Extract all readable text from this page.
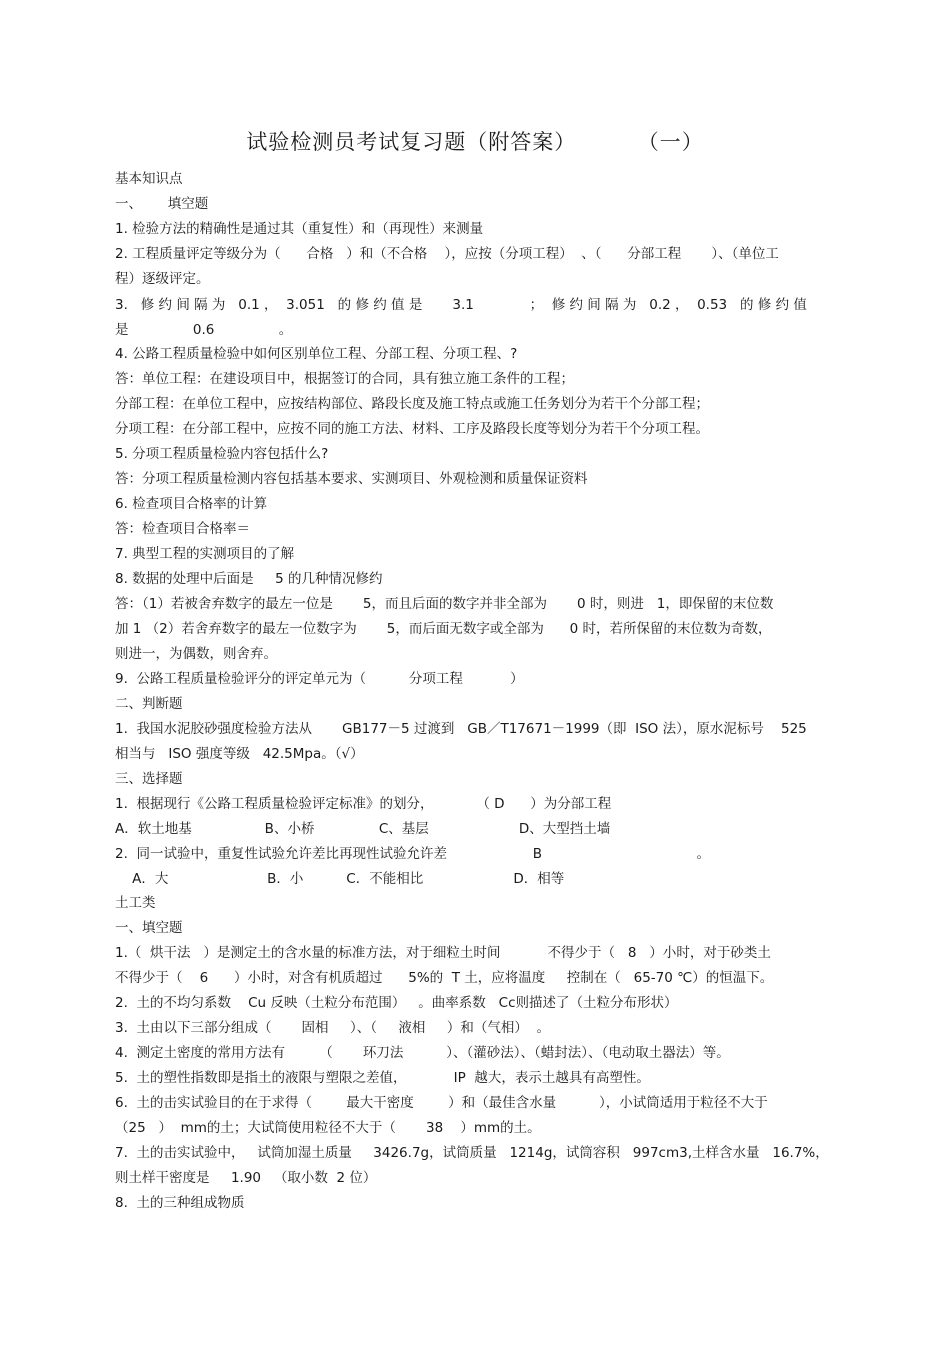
试验检测员考试复习题（附答案）        （一）
基本知识点
一、      填空题
1. 检验方法的精确性是通过其（重复性）和（再现性）来测量
2. 工程质量评定等级分为（      合格   ）和（不合格    ），应按（分项工程）  、（      分部工程       ）、（单位工
程）逐级评定。
3.   修 约 间 隔 为   0.1 ，  3.051   的 修 约 值 是       3.1             ；  修 约 间 隔 为   0.2 ，  0.53   的 修 约 值
是               0.6               。
4. 公路工程质量检验中如何区别单位工程、分部工程、分项工程、?
答：单位工程：在建设项目中，根据签订的合同，具有独立施工条件的工程；
分部工程：在单位工程中，应按结构部位、路段长度及施工特点或施工任务划分为若干个分部工程；
分项工程：在分部工程中，应按不同的施工方法、材料、工序及路段长度等划分为若干个分项工程。
5. 分项工程质量检验内容包括什么?
答：分项工程质量检测内容包括基本要求、实测项目、外观检测和质量保证资料
6. 检查项目合格率的计算
答：检查项目合格率＝
7. 典型工程的实测项目的了解
8. 数据的处理中后面是     5 的几种情况修约
答：（1）若被舍弃数字的最左一位是       5，而且后面的数字并非全部为       0 时，则进   1，即保留的末位数
加 1 （2）若舍弃数字的最左一位数字为       5，而后面无数字或全部为      0 时，若所保留的末位数为奇数，
则进一，为偶数，则舍弃。
9.  公路工程质量检验评分的评定单元为（          分项工程           ）
二、判断题
1.  我国水泥胶砂强度检验方法从       GB177－5 过渡到   GB／T17671－1999（即  ISO 法），原水泥标号    525
相当与   ISO 强度等级   42.5Mpa。（√）
三、选择题
1.  根据现行《公路工程质量检验评定标准》的划分，          （ D      ）为分部工程
A．软土地基                 B、小桥               C、基层                     D、大型挡土墙
2.  同一试验中，重复性试验允许差比再现性试验允许差                    B                                    。
A．大                       B．小          C．不能相比                     D．相等
土工类
一、填空题
1.（  烘干法   ）是测定土的含水量的标准方法，对于细粒土时间           不得少于（   8   ）小时，对于砂类土
不得少于（    6      ）小时，对含有机质超过      5%的  T 土，应将温度     控制在（   65-70 ℃）的恒温下。
2.  土的不均匀系数    Cu 反映（土粒分布范围）   。曲率系数   Cc则描述了（土粒分布形状）
3.  土由以下三部分组成（       固相     ）、（     液相     ）和（气相）  。
4.  测定土密度的常用方法有        （       环刀法          ）、（灌砂法）、（蜡封法）、（电动取土器法）等。
5.  土的塑性指数即是指土的液限与塑限之差值，           IP  越大，表示土越具有高塑性。
6.  土的击实试验目的在于求得（        最大干密度        ）和（最佳含水量          ），小试筒适用于粒径不大于
（25   ）  mm的土；大试筒使用粒径不大于（       38    ）mm的土。
7.  土的击实试验中，   试筒加湿土质量     3426.7g，试筒质量   1214g，试筒容积   997cm3,土样含水量   16.7%，
则土样干密度是     1.90   （取小数  2 位）
8.  土的三种组成物质
